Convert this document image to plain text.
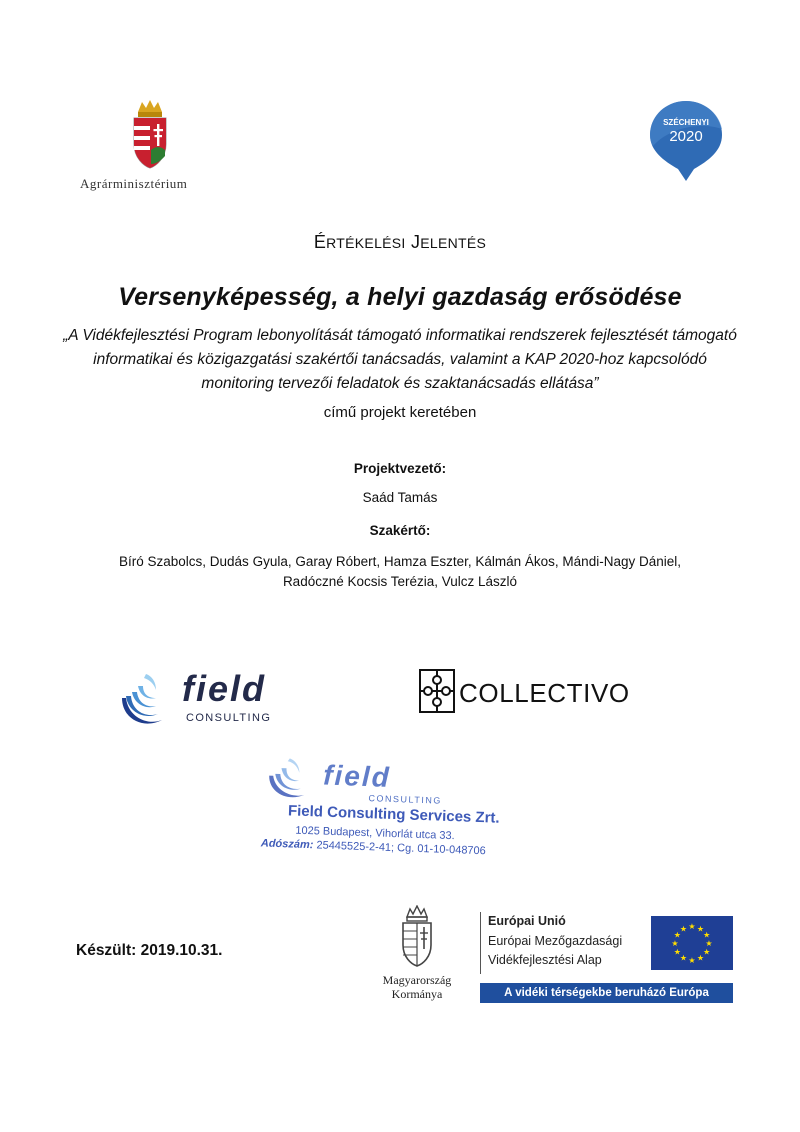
Agrárminisztérium
SZÉCHENYI
2020
ÉRTÉKELÉSI JELENTÉS
Versenyképesség, a helyi gazdaság erősödése
„A Vidékfejlesztési Program lebonyolítását támogató informatikai rendszerek fejlesztését támogató informatikai és közigazgatási szakértői tanácsadás, valamint a KAP 2020-hoz kapcsolódó monitoring tervezői feladatok és szaktanácsadás ellátása”
című projekt keretében
Projektvezető:
Saád Tamás
Szakértő:
Bíró Szabolcs, Dudás Gyula, Garay Róbert, Hamza Eszter, Kálmán Ákos, Mándi-Nagy Dániel,
Radóczné Kocsis Terézia, Vulcz László
field
CONSULTING
COLLECTIVO
field
CONSULTING
Field Consulting Services Zrt.
1025 Budapest, Vihorlát utca 33.
Adószám: 25445525-2-41; Cg. 01-10-048706
Készült: 2019.10.31.
Magyarország
Kormánya
Európai Unió
Európai Mezőgazdasági
Vidékfejlesztési Alap
★ ★
★
★
★
★
★
★
★
★
★
★
A vidéki térségekbe beruházó Európa
